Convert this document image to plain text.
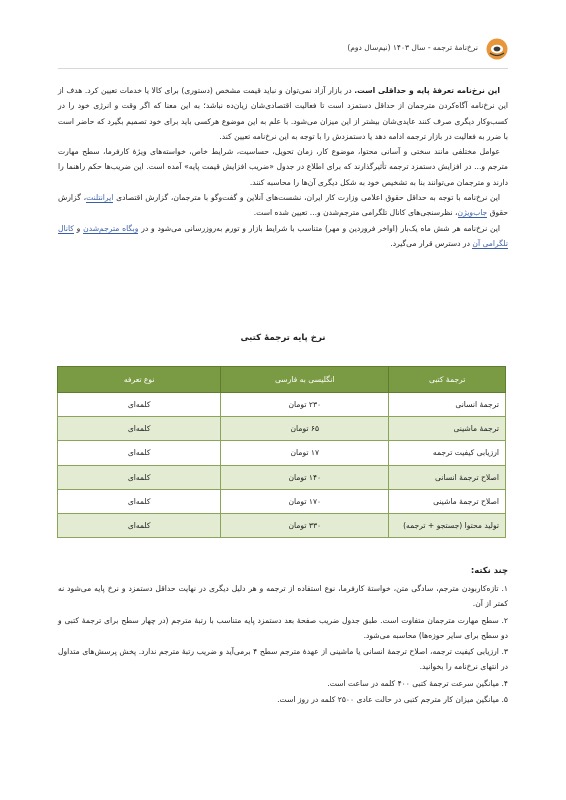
نرخ‌نامهٔ ترجمه - سال ۱۴۰۳ (نیم‌سال دوم)

این نرخ‌نامه تعرفهٔ پایه و حداقلی است. در بازار آزاد نمی‌توان و نباید قیمت مشخص (دستوری) برای کالا یا خدمات تعیین کرد. هدف از این نرخ‌نامه آگاه‌کردن مترجمان از حداقل دستمزد است تا فعالیت اقتصادی‌شان زیان‌ده نباشد؛ به این معنا که اگر وقت و انرژی خود را در کسب‌وکار دیگری صرف کنند عایدی‌شان بیشتر از این میزان می‌شود. با علم به این موضوع هرکسی باید برای خود تصمیم بگیرد که حاضر است با ضرر به فعالیت در بازار ترجمه ادامه دهد یا دستمزدش را با توجه به این نرخ‌نامه تعیین کند.

عوامل مختلفی مانند سختی و آسانی محتوا، موضوع کار، زمان تحویل، حساسیت، شرایط خاص، خواسته‌های ویژهٔ کارفرما، سطح مهارت مترجم و... در افزایش دستمزد ترجمه تأثیرگذارند که برای اطلاع در جدول «ضریب افزایش قیمت پایه» آمده است. این ضریب‌ها حکم راهنما را دارند و مترجمان می‌توانند بنا به تشخیص خود به شکل دیگری آن‌ها را محاسبه کنند.

این نرخ‌نامه با توجه به حداقل حقوق اعلامی وزارت کار ایران، نشست‌های آنلاین و گفت‌وگو با مترجمان، گزارش اقتصادی ایرانتلنت، گزارش حقوق جاب‌ویژن، نظرسنجی‌های کانال تلگرامی مترجم‌شدن و... تعیین شده است.

این نرخ‌نامه هر شش ماه یک‌بار (اواخر فروردین و مهر) متناسب با شرایط بازار و تورم به‌روزرسانی می‌شود و در وبگاه مترجم‌شدن و کانال تلگرامی آن در دسترس قرار می‌گیرد.

نرخ پایه ترجمهٔ کتبی
ترجمهٔ کتبی	انگلیسی به فارسی	نوع تعرفه
ترجمهٔ انسانی	۲۳۰ تومان	کلمه‌ای
ترجمهٔ ماشینی	۶۵ تومان	کلمه‌ای
ارزیابی کیفیت ترجمه	۱۷ تومان	کلمه‌ای
اصلاح ترجمهٔ انسانی	۱۴۰ تومان	کلمه‌ای
اصلاح ترجمهٔ ماشینی	۱۷۰ تومان	کلمه‌ای
تولید محتوا (جستجو + ترجمه)	۳۳۰ تومان	کلمه‌ای
چند نکته:

۱. تازه‌کاربودن مترجم، سادگی متن، خواستهٔ کارفرما، نوع استفاده از ترجمه و هر دلیل دیگری در نهایت حداقل دستمزد و نرخ پایه می‌شود نه کمتر از آن.

۲. سطح مهارت مترجمان متفاوت است. طبق جدول ضریب صفحهٔ بعد دستمزد پایه متناسب با رتبهٔ مترجم (در چهار سطح برای ترجمهٔ کتبی و دو سطح برای سایر حوزه‌ها) محاسبه می‌شود.

۳. ارزیابی کیفیت ترجمه، اصلاح ترجمهٔ انسانی یا ماشینی از عهدهٔ مترجم سطح ۴ برمی‌آید و ضریب رتبهٔ مترجم ندارد. پخش پرسش‌های متداول در انتهای نرخ‌نامه را بخوانید.

۴. میانگین سرعت ترجمهٔ کتبی ۴۰۰ کلمه در ساعت است.

۵. میانگین میزان کار مترجم کتبی در حالت عادی ۲۵۰۰ کلمه در روز است.
